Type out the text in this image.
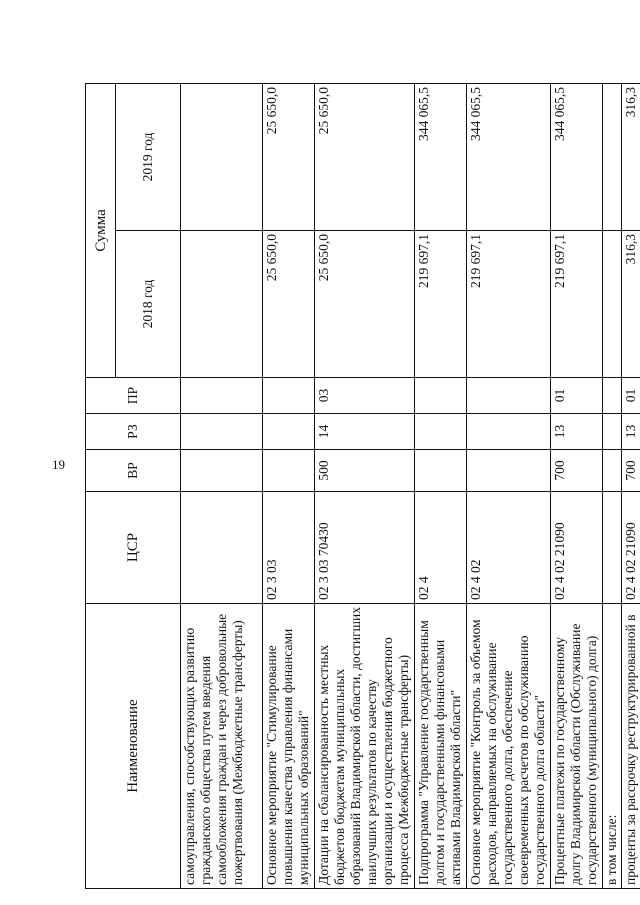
19
Наименование	ЦСР	ВР	РЗ	ПР	Сумма	
					2018 год	2019 год
самоуправления, способствующих развитию гражданского общества путем введения самообложения граждан и через добровольные пожертвования (Межбюджетные трансферты)						
Основное мероприятие "Стимулирование повышения качества управления финансами муниципальных образований"	02 3 03				25 650,0	25 650,0
Дотации на сбалансированность местных бюджетов бюджетам муниципальных образований Владимирской области, достигших наилучших результатов по качеству организации и осуществления бюджетного процесса (Межбюджетные трансферты)	02 3 03 70430	500	14	03	25 650,0	25 650,0
Подпрограмма "Управление государственным долгом и государственными финансовыми активами Владимирской области"	02 4				219 697,1	344 065,5
Основное мероприятие "Контроль за объемом расходов, направляемых на обслуживание государственного долга, обеспечение своевременных расчетов по обслуживанию государственного долга области"	02 4 02				219 697,1	344 065,5
Процентные платежи по государственному долгу Владимирской области (Обслуживание государственного (муниципального) долга)	02 4 02 21090	700	13	01	219 697,1	344 065,5
в том числе:						
проценты за рассрочку реструктурированной в	02 4 02 21090	700	13	01	316,3	316,3
